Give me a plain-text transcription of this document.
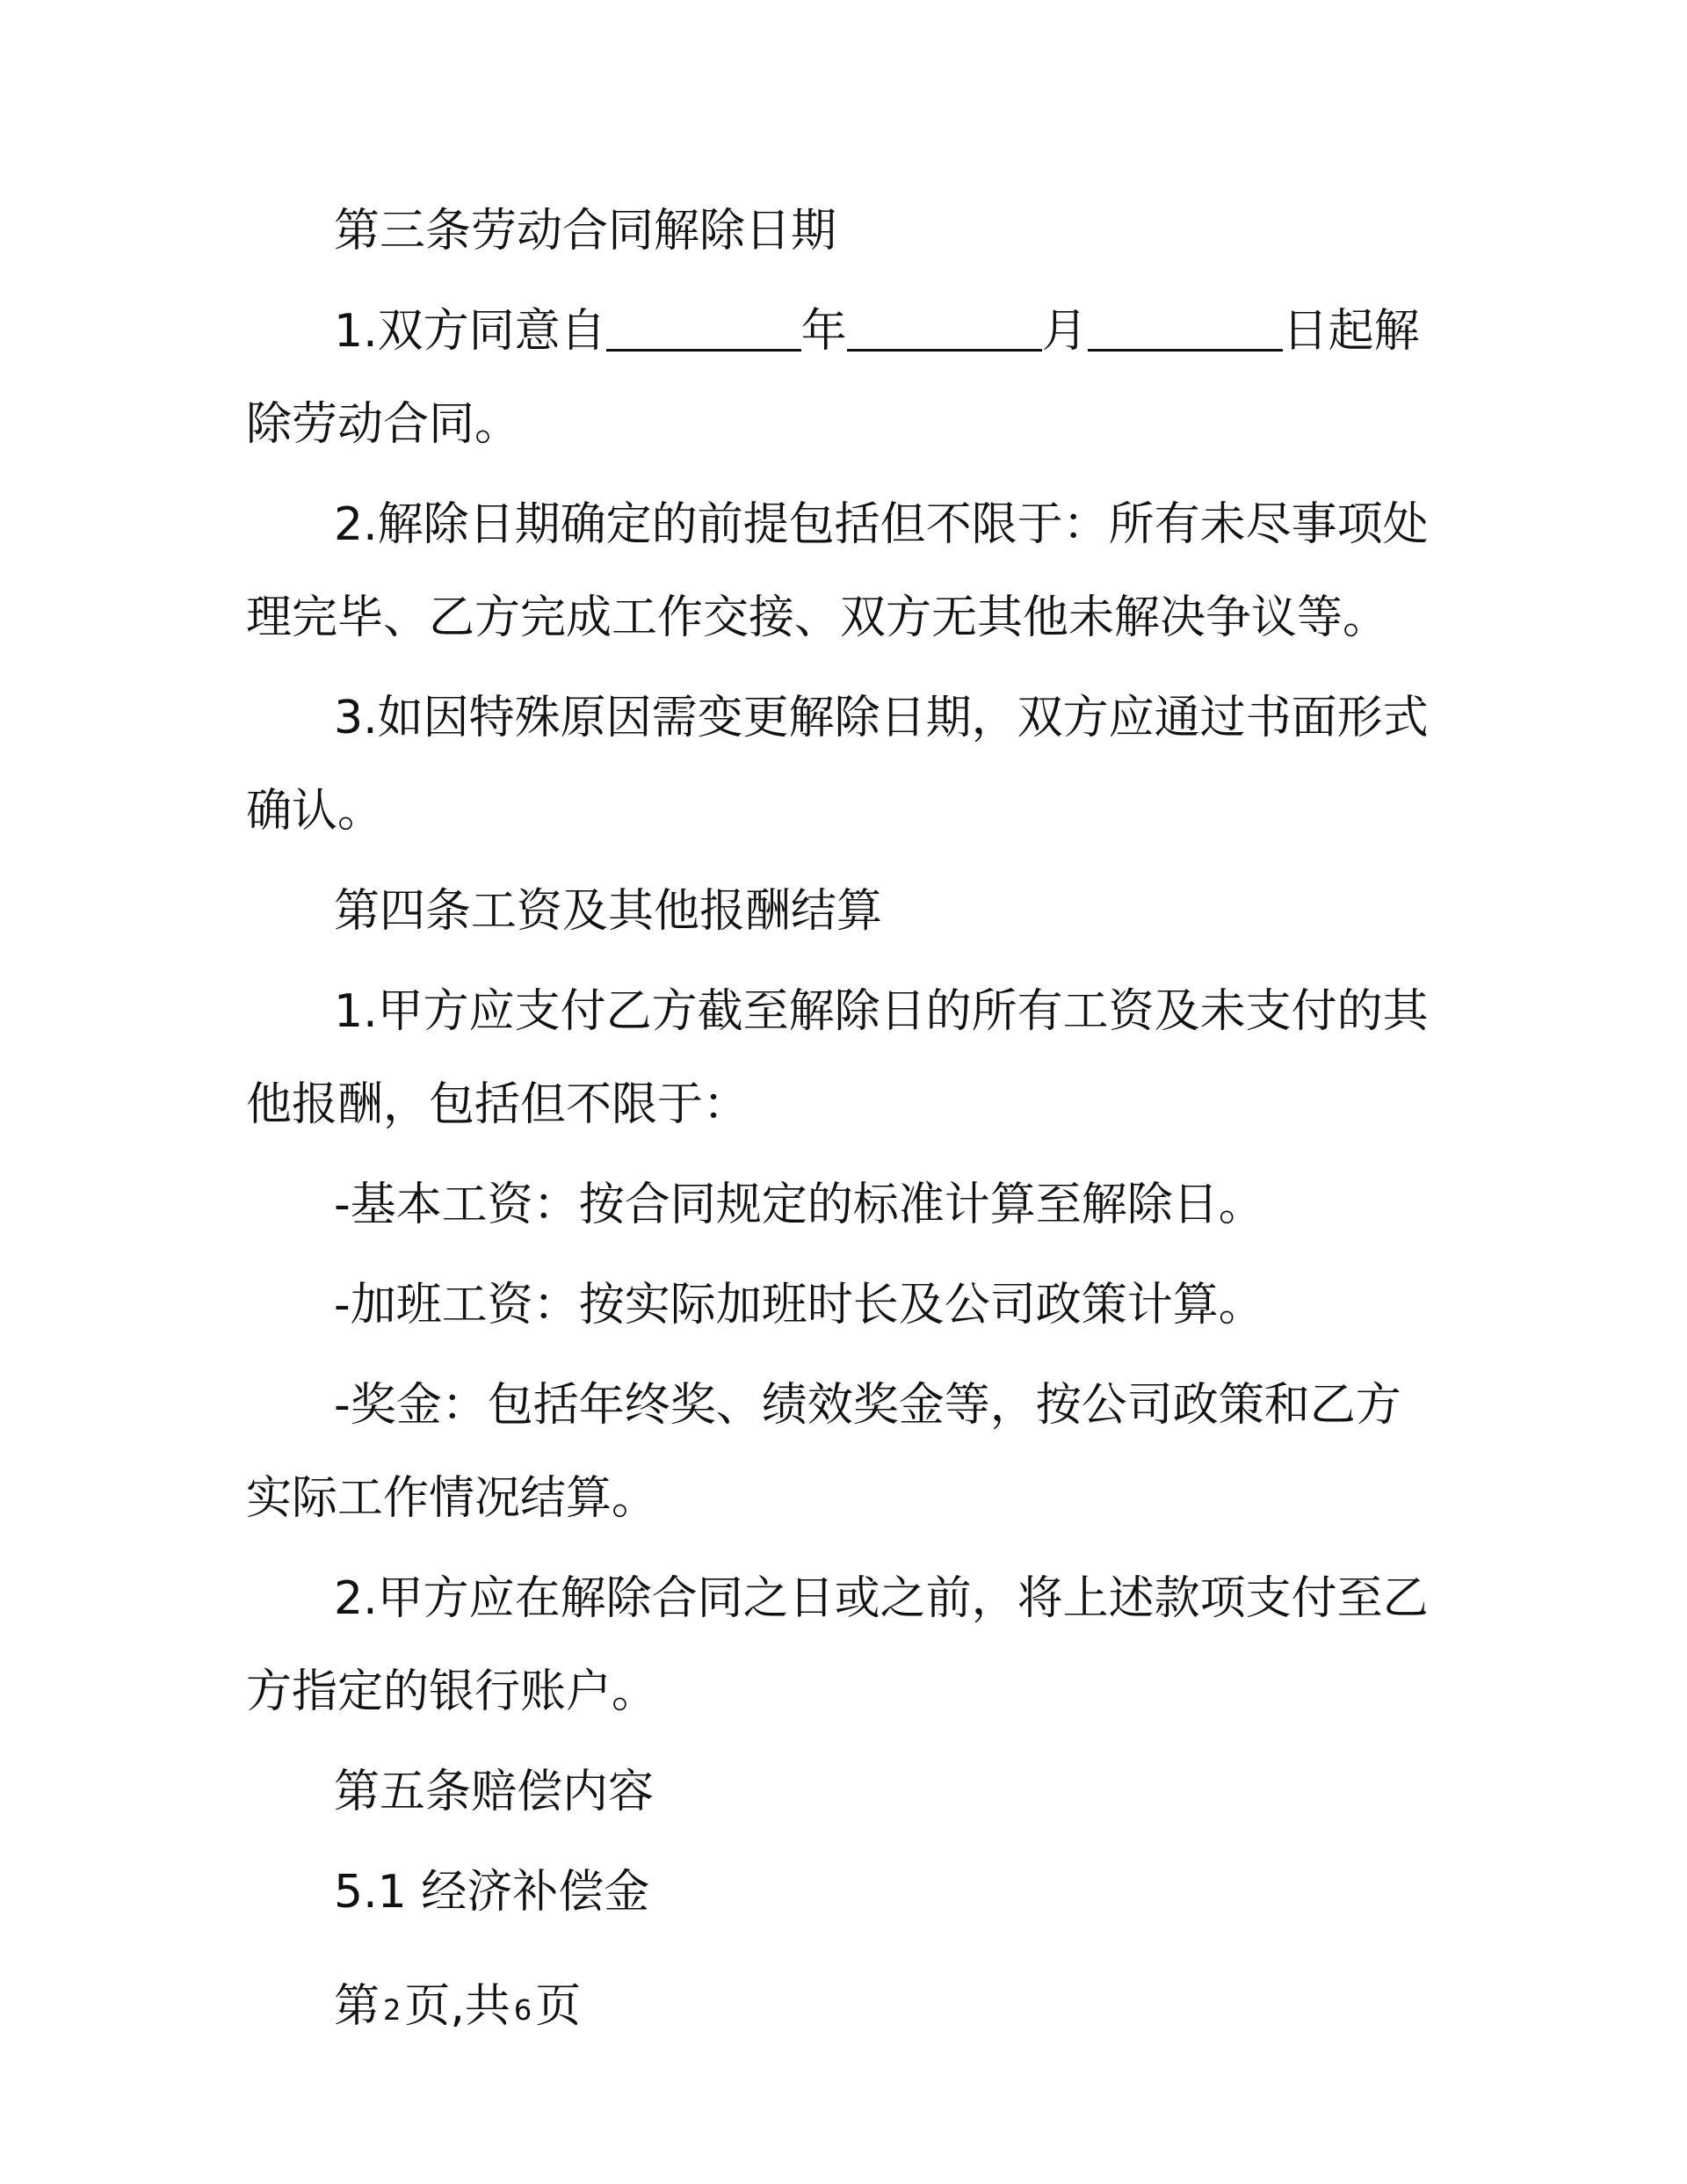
第三条劳动合同解除日期

1.双方同意自	年	月	日起解除劳动合同。

2.解除日期确定的前提包括但不限于：所有未尽事项处理完毕、乙方完成工作交接、双方无其他未解决争议等。

3.如因特殊原因需变更解除日期，双方应通过书面形式确认。

第四条工资及其他报酬结算

1.甲方应支付乙方截至解除日的所有工资及未支付的其他报酬，包括但不限于：

-基本工资：按合同规定的标准计算至解除日。

-加班工资：按实际加班时长及公司政策计算。

-奖金：包括年终奖、绩效奖金等，按公司政策和乙方实际工作情况结算。

2.甲方应在解除合同之日或之前，将上述款项支付至乙方指定的银行账户。

第五条赔偿内容

5.1 经济补偿金

第 2页,共 6页
